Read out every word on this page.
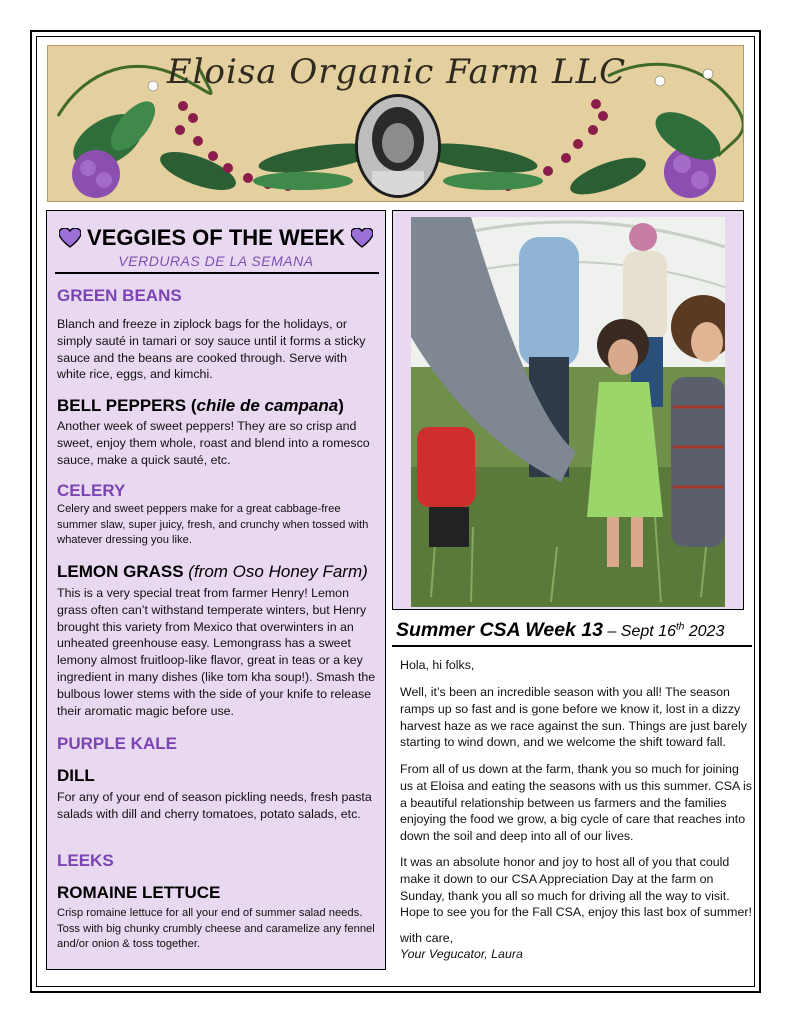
Eloisa Organic Farm LLC
VEGGIES OF THE WEEK
VERDURAS DE LA SEMANA
GREEN BEANS
Blanch and freeze in ziplock bags for the holidays, or simply sauté in tamari or soy sauce until it forms a sticky sauce and the beans are cooked through. Serve with white rice, eggs, and kimchi.
BELL PEPPERS (chile de campana)
Another week of sweet peppers! They are so crisp and sweet, enjoy them whole, roast and blend into a romesco sauce, make a quick sauté, etc.
CELERY
Celery and sweet peppers make for a great cabbage-free summer slaw, super juicy, fresh, and crunchy when tossed with whatever dressing you like.
LEMON GRASS (from Oso Honey Farm)
This is a very special treat from farmer Henry! Lemon grass often can’t withstand temperate winters, but Henry brought this variety from Mexico that overwinters in an unheated greenhouse easy. Lemongrass has a sweet lemony almost fruitloop-like flavor, great in teas or a key ingredient in many dishes (like tom kha soup!). Smash the bulbous lower stems with the side of your knife to release their aromatic magic before use.
PURPLE KALE
DILL
For any of your end of season pickling needs, fresh pasta salads with dill and cherry tomatoes, potato salads, etc.
LEEKS
ROMAINE LETTUCE
Crisp romaine lettuce for all your end of summer salad needs. Toss with big chunky crumbly cheese and caramelize any fennel and/or onion & toss together.
Summer CSA Week 13 – Sept 16th 2023
Hola, hi folks,
Well, it’s been an incredible season with you all! The season ramps up so fast and is gone before we know it, lost in a dizzy harvest haze as we race against the sun. Things are just barely starting to wind down, and we welcome the shift toward fall.
From all of us down at the farm, thank you so much for joining us at Eloisa and eating the seasons with us this summer. CSA is a beautiful relationship between us farmers and the families enjoying the food we grow, a big cycle of care that reaches into down the soil and deep into all of our lives.
It was an absolute honor and joy to host all of you that could make it down to our CSA Appreciation Day at the farm on Sunday, thank you all so much for driving all the way to visit. Hope to see you for the Fall CSA, enjoy this last box of summer!
with care,
Your Vegucator, Laura
